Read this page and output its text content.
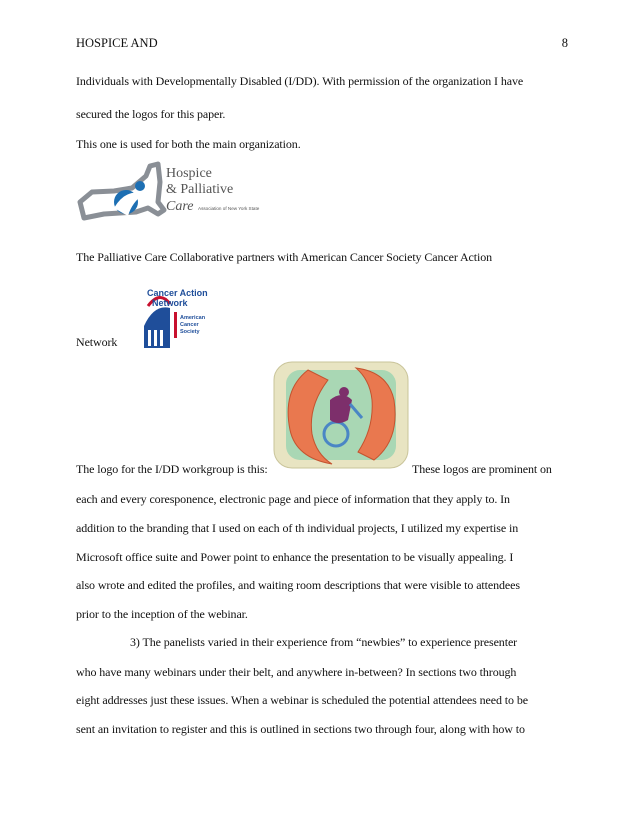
HOSPICE AND	8
Individuals with Developmentally Disabled (I/DD). With permission of the organization I have
secured the logos for this paper.
This one is used for both the main organization.
Hospice
& Palliative
Care Association of New York State
The Palliative Care Collaborative partners with American Cancer Society Cancer Action
Cancer Action
Network
American
Cancer
Society
Network
The logo for the I/DD workgroup is this:	These logos are prominent on
each and every coresponence, electronic page and piece of information that they apply to. In
addition to the branding that I used on each of th individual projects, I utilized my expertise in
Microsoft office suite and Power point to enhance the presentation to be visually appealing. I
also wrote and edited the profiles, and waiting room descriptions that were visible to attendees
prior to the inception of the webinar.
3) The panelists varied in their experience from “newbies” to experience presenter
who have many webinars under their belt, and anywhere in-between? In sections two through
eight addresses just these issues. When a webinar is scheduled the potential attendees need to be
sent an invitation to register and this is outlined in sections two through four, along with how to
